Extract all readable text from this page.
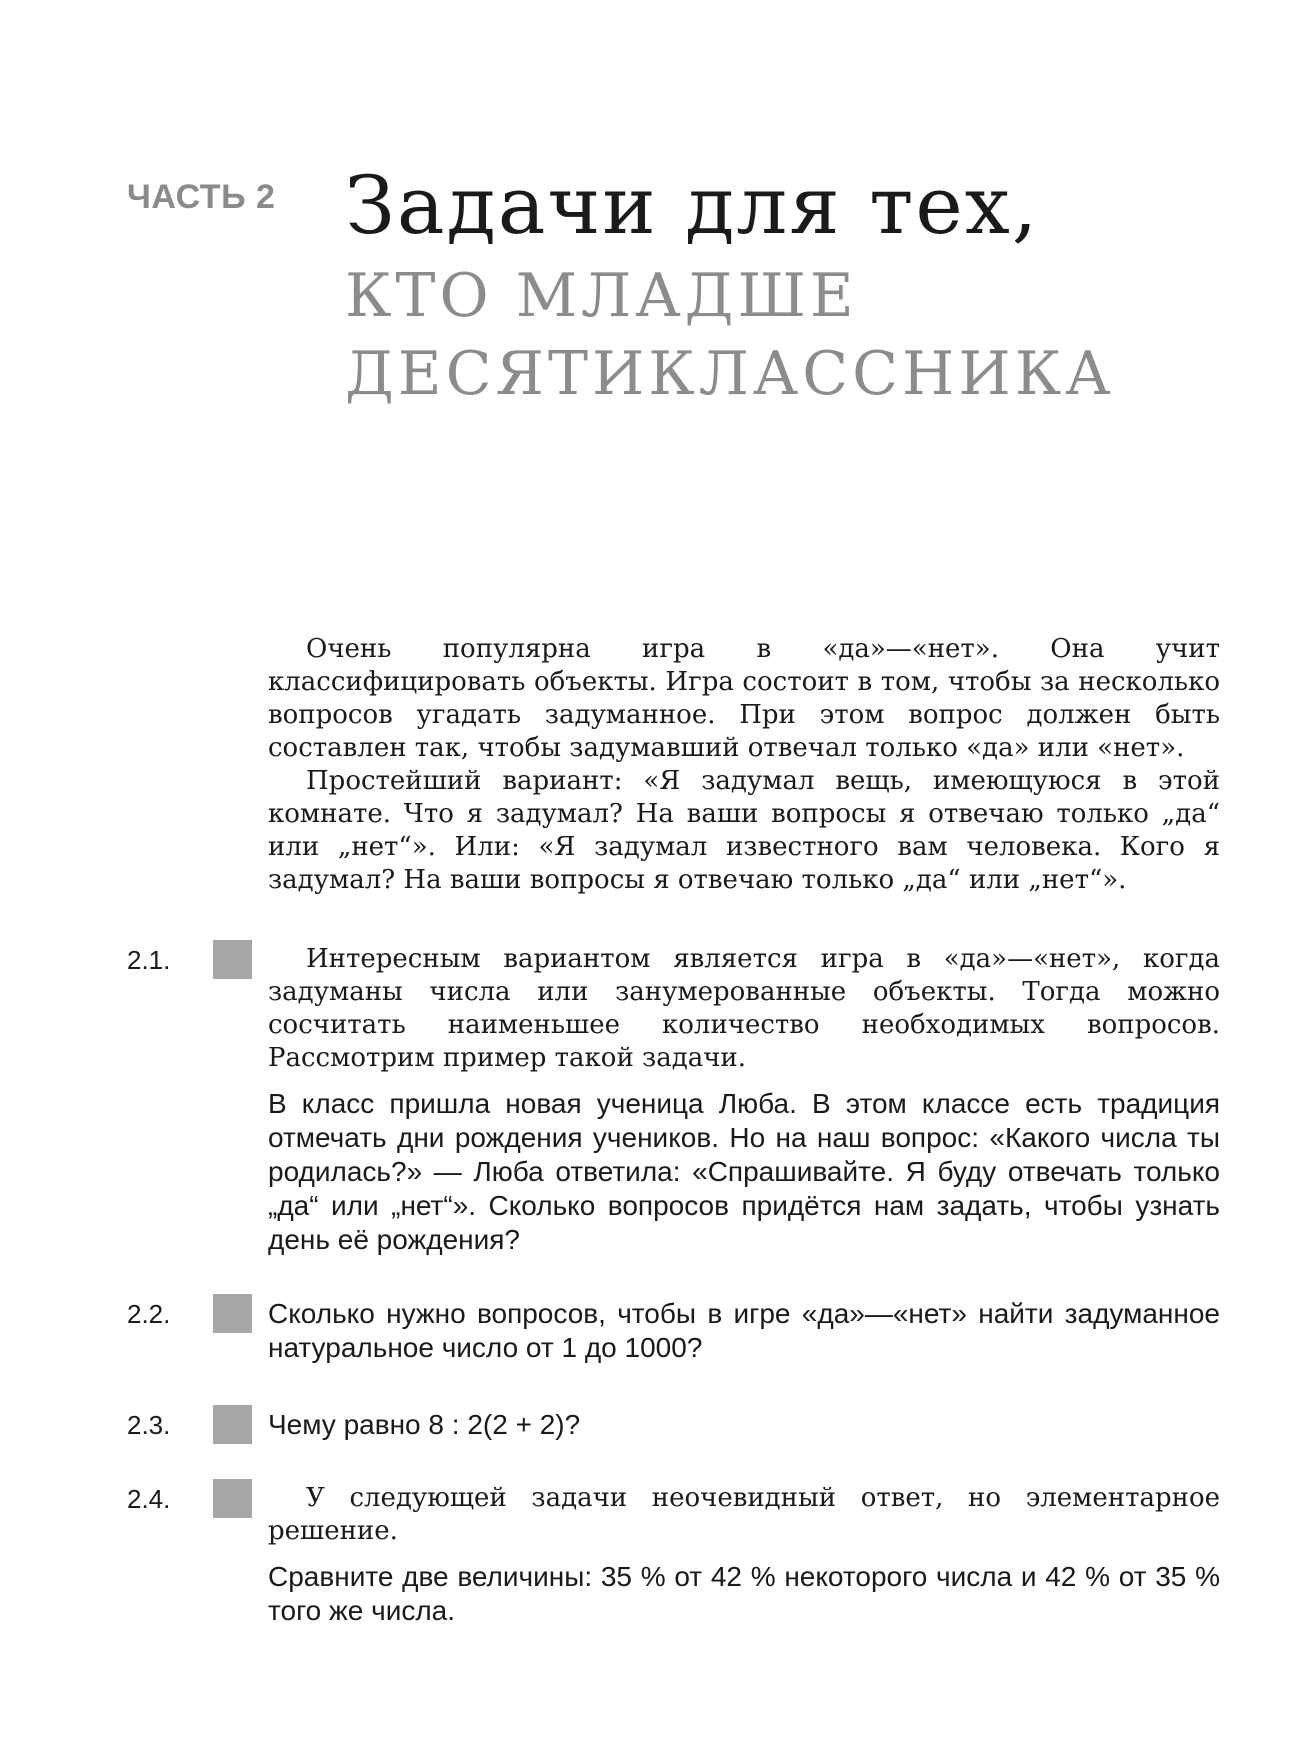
ЧАСТЬ 2 Задачи для тех,
КТО МЛАДШЕ
ДЕСЯТИКЛАССНИКА

Очень популярна игра в «да»—«нет». Она учит классифицировать объекты. Игра состоит в том, чтобы за несколько вопросов угадать задуманное. При этом вопрос должен быть составлен так, чтобы задумавший отвечал только «да» или «нет».

Простейший вариант: «Я задумал вещь, имеющуюся в этой комнате. Что я задумал? На ваши вопросы я отвечаю только „да“ или „нет“». Или: «Я задумал известного вам человека. Кого я задумал? На ваши вопросы я отвечаю только „да“ или „нет“».

2.1.	Интересным вариантом является игра в «да»—«нет», когда задуманы числа или занумерованные объекты. Тогда можно сосчитать наименьшее количество необходимых вопросов. Рассмотрим пример такой задачи.

В класс пришла новая ученица Люба. В этом классе есть традиция отмечать дни рождения учеников. Но на наш вопрос: «Какого числа ты родилась?» — Люба ответила: «Спрашивайте. Я буду отвечать только „да“ или „нет“». Сколько вопросов придётся нам задать, чтобы узнать день её рождения?

2.2.	Сколько нужно вопросов, чтобы в игре «да»—«нет» найти задуманное натуральное число от 1 до 1000?

2.3.	Чему равно 8 : 2(2 + 2)?

2.4.	У следующей задачи неочевидный ответ, но элементарное решение.

Сравните две величины: 35 % от 42 % некоторого числа и 42 % от 35 % того же числа.
